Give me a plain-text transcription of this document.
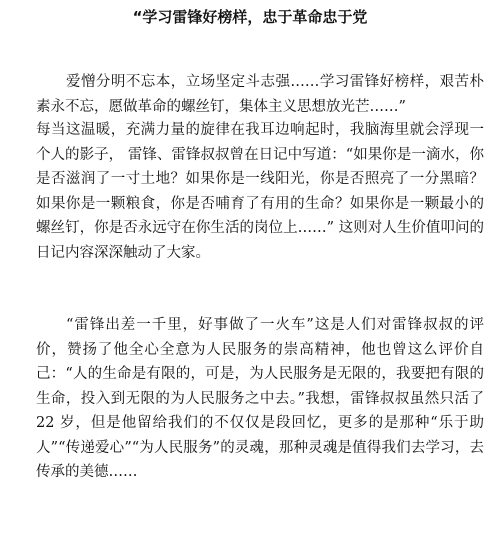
“学习雷锋好榜样，忠于革命忠于党

爱憎分明不忘本，立场坚定斗志强……学习雷锋好榜样，艰苦朴素永不忘，愿做革命的螺丝钉，集体主义思想放光芒……”

每当这温暖，充满力量的旋律在我耳边响起时，我脑海里就会浮现一个人的影子， 雷锋、雷锋叔叔曾在日记中写道：“如果你是一滴水，你是否滋润了一寸土地？如果你是一线阳光，你是否照亮了一分黑暗？如果你是一颗粮食，你是否哺育了有用的生命？如果你是一颗最小的螺丝钉，你是否永远守在你生活的岗位上……” 这则对人生价值叩问的日记内容深深触动了大家。

“雷锋出差一千里，好事做了一火车”这是人们对雷锋叔叔的评价，赞扬了他全心全意为人民服务的崇高精神，他也曾这么评价自己：“人的生命是有限的，可是，为人民服务是无限的，我要把有限的生命，投入到无限的为人民服务之中去。”我想，雷锋叔叔虽然只活了22 岁，但是他留给我们的不仅仅是段回忆，更多的是那种“乐于助人”“传递爱心”“为人民服务”的灵魂，那种灵魂是值得我们去学习，去传承的美德……
